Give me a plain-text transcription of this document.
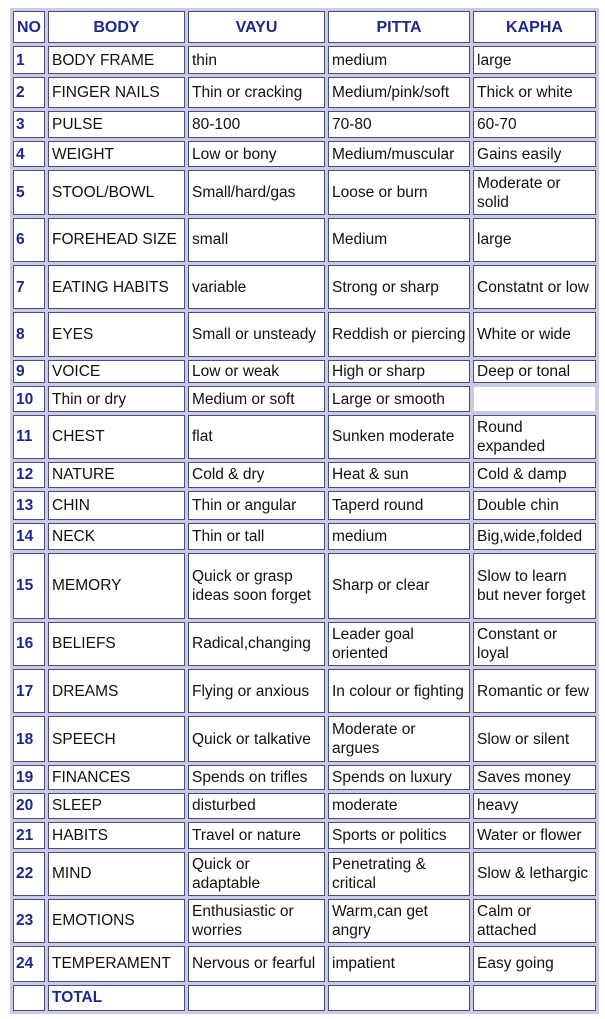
NO	BODY	VAYU	PITTA	KAPHA
1	BODY FRAME	thin	medium	large
2	FINGER NAILS	Thin or cracking	Medium/pink/soft	Thick or white
3	PULSE	80-100	70-80	60-70
4	WEIGHT	Low or bony	Medium/muscular	Gains easily
5	STOOL/BOWL	Small/hard/gas	Loose or burn	Moderate or solid
6	FOREHEAD SIZE	small	Medium	large
7	EATING HABITS	variable	Strong or sharp	Constatnt or low
8	EYES	Small or unsteady	Reddish or piercing	White or wide
9	VOICE	Low or weak	High or sharp	Deep or tonal
10	Thin or dry	Medium or soft	Large or smooth	
11	CHEST	flat	Sunken moderate	Round expanded
12	NATURE	Cold & dry	Heat & sun	Cold & damp
13	CHIN	Thin or angular	Taperd round	Double chin
14	NECK	Thin or tall	medium	Big,wide,folded
15	MEMORY	Quick or grasp ideas soon forget	Sharp or clear	Slow to learn but never forget
16	BELIEFS	Radical,changing	Leader goal oriented	Constant or loyal
17	DREAMS	Flying or anxious	In colour or fighting	Romantic or few
18	SPEECH	Quick or talkative	Moderate or argues	Slow or silent
19	FINANCES	Spends on trifles	Spends on luxury	Saves money
20	SLEEP	disturbed	moderate	heavy
21	HABITS	Travel or nature	Sports or politics	Water or flower
22	MIND	Quick or adaptable	Penetrating & critical	Slow & lethargic
23	EMOTIONS	Enthusiastic or worries	Warm,can get angry	Calm or attached
24	TEMPERAMENT	Nervous or fearful	impatient	Easy going
	TOTAL			
